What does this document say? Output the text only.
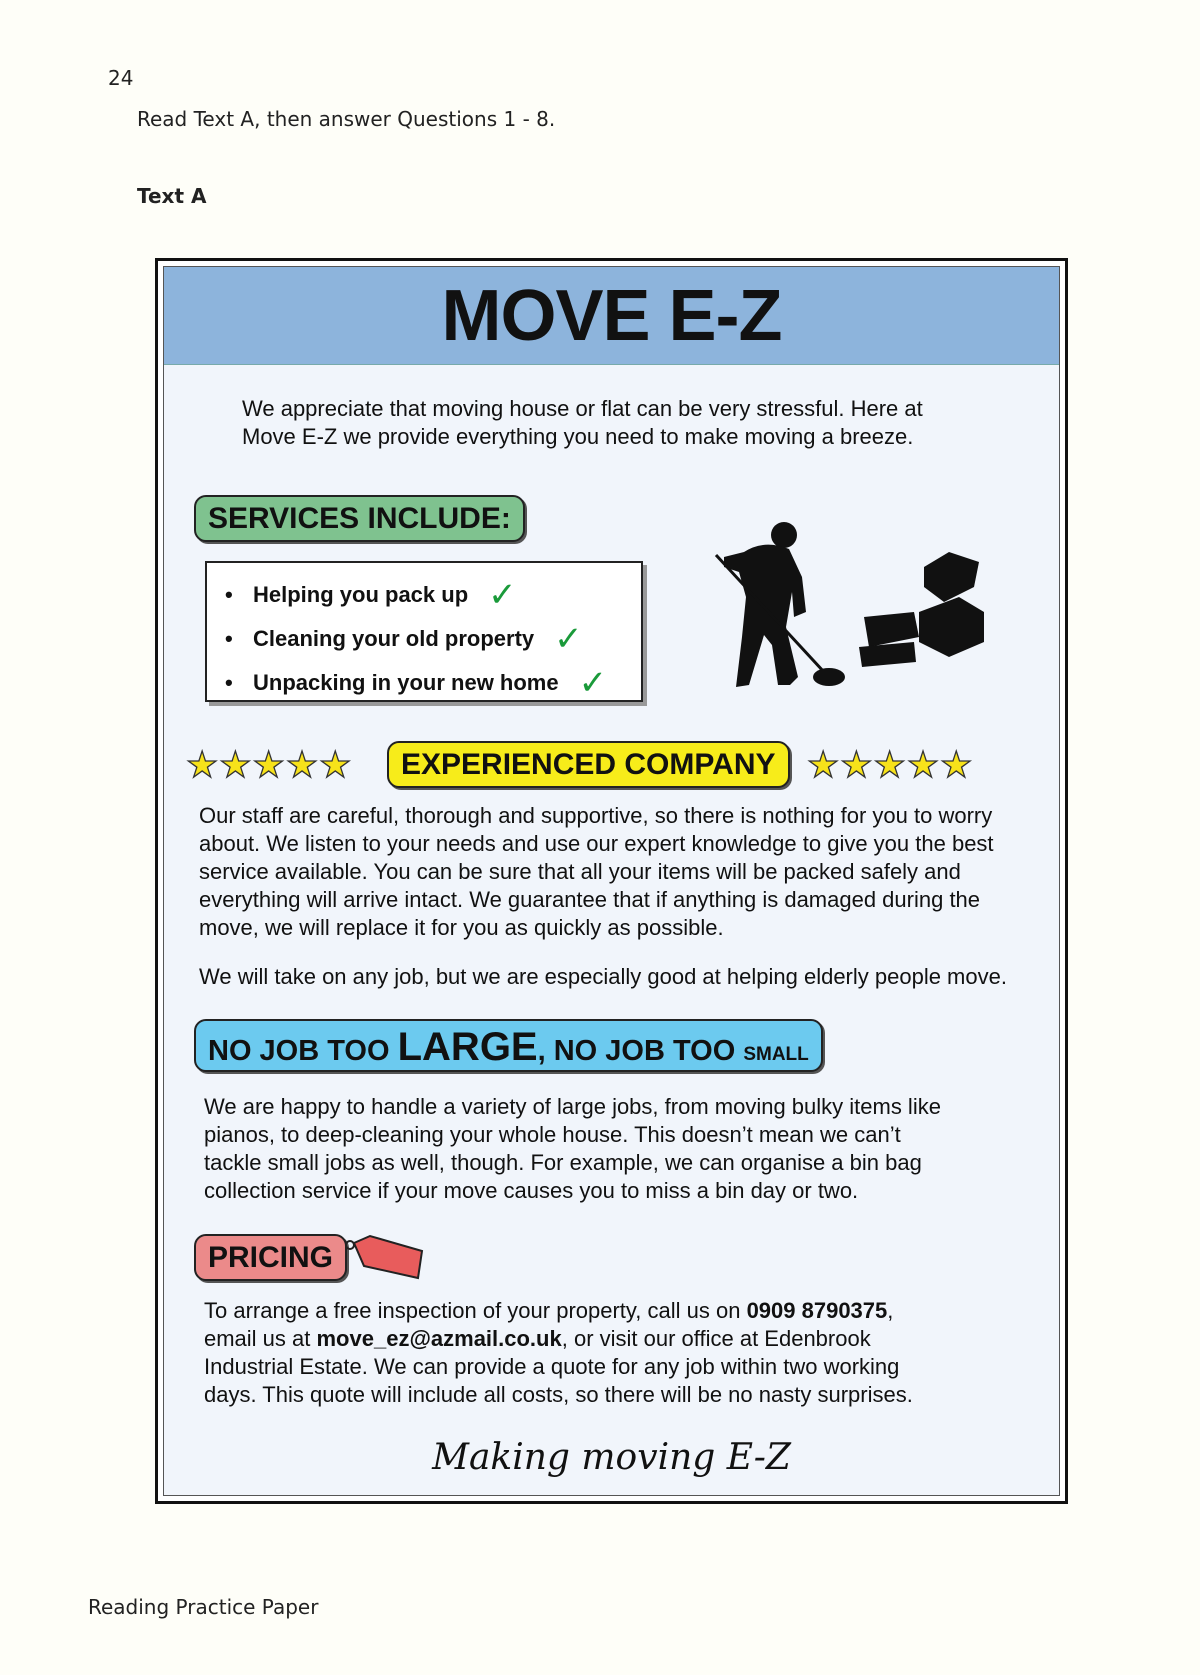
24
Read Text A, then answer Questions 1 - 8.
Text A
MOVE E-Z
We appreciate that moving house or flat can be very stressful. Here at
Move E-Z we provide everything you need to make moving a breeze.
SERVICES INCLUDE:
• Helping you pack up ✓
• Cleaning your old property ✓
• Unpacking in your new home ✓
★★★★★	EXPERIENCED COMPANY ★★★★★
Our staff are careful, thorough and supportive, so there is nothing for you to worry
about. We listen to your needs and use our expert knowledge to give you the best
service available. You can be sure that all your items will be packed safely and
everything will arrive intact. We guarantee that if anything is damaged during the
move, we will replace it for you as quickly as possible.
We will take on any job, but we are especially good at helping elderly people move.
NO JOB TOO LARGE, NO JOB TOO SMALL
We are happy to handle a variety of large jobs, from moving bulky items like
pianos, to deep-cleaning your whole house. This doesn’t mean we can’t
tackle small jobs as well, though. For example, we can organise a bin bag
collection service if your move causes you to miss a bin day or two.
PRICING
To arrange a free inspection of your property, call us on 0909 8790375,
email us at move_ez@azmail.co.uk, or visit our office at Edenbrook
Industrial Estate. We can provide a quote for any job within two working
days. This quote will include all costs, so there will be no nasty surprises.
Making moving E-Z
Reading Practice Paper
